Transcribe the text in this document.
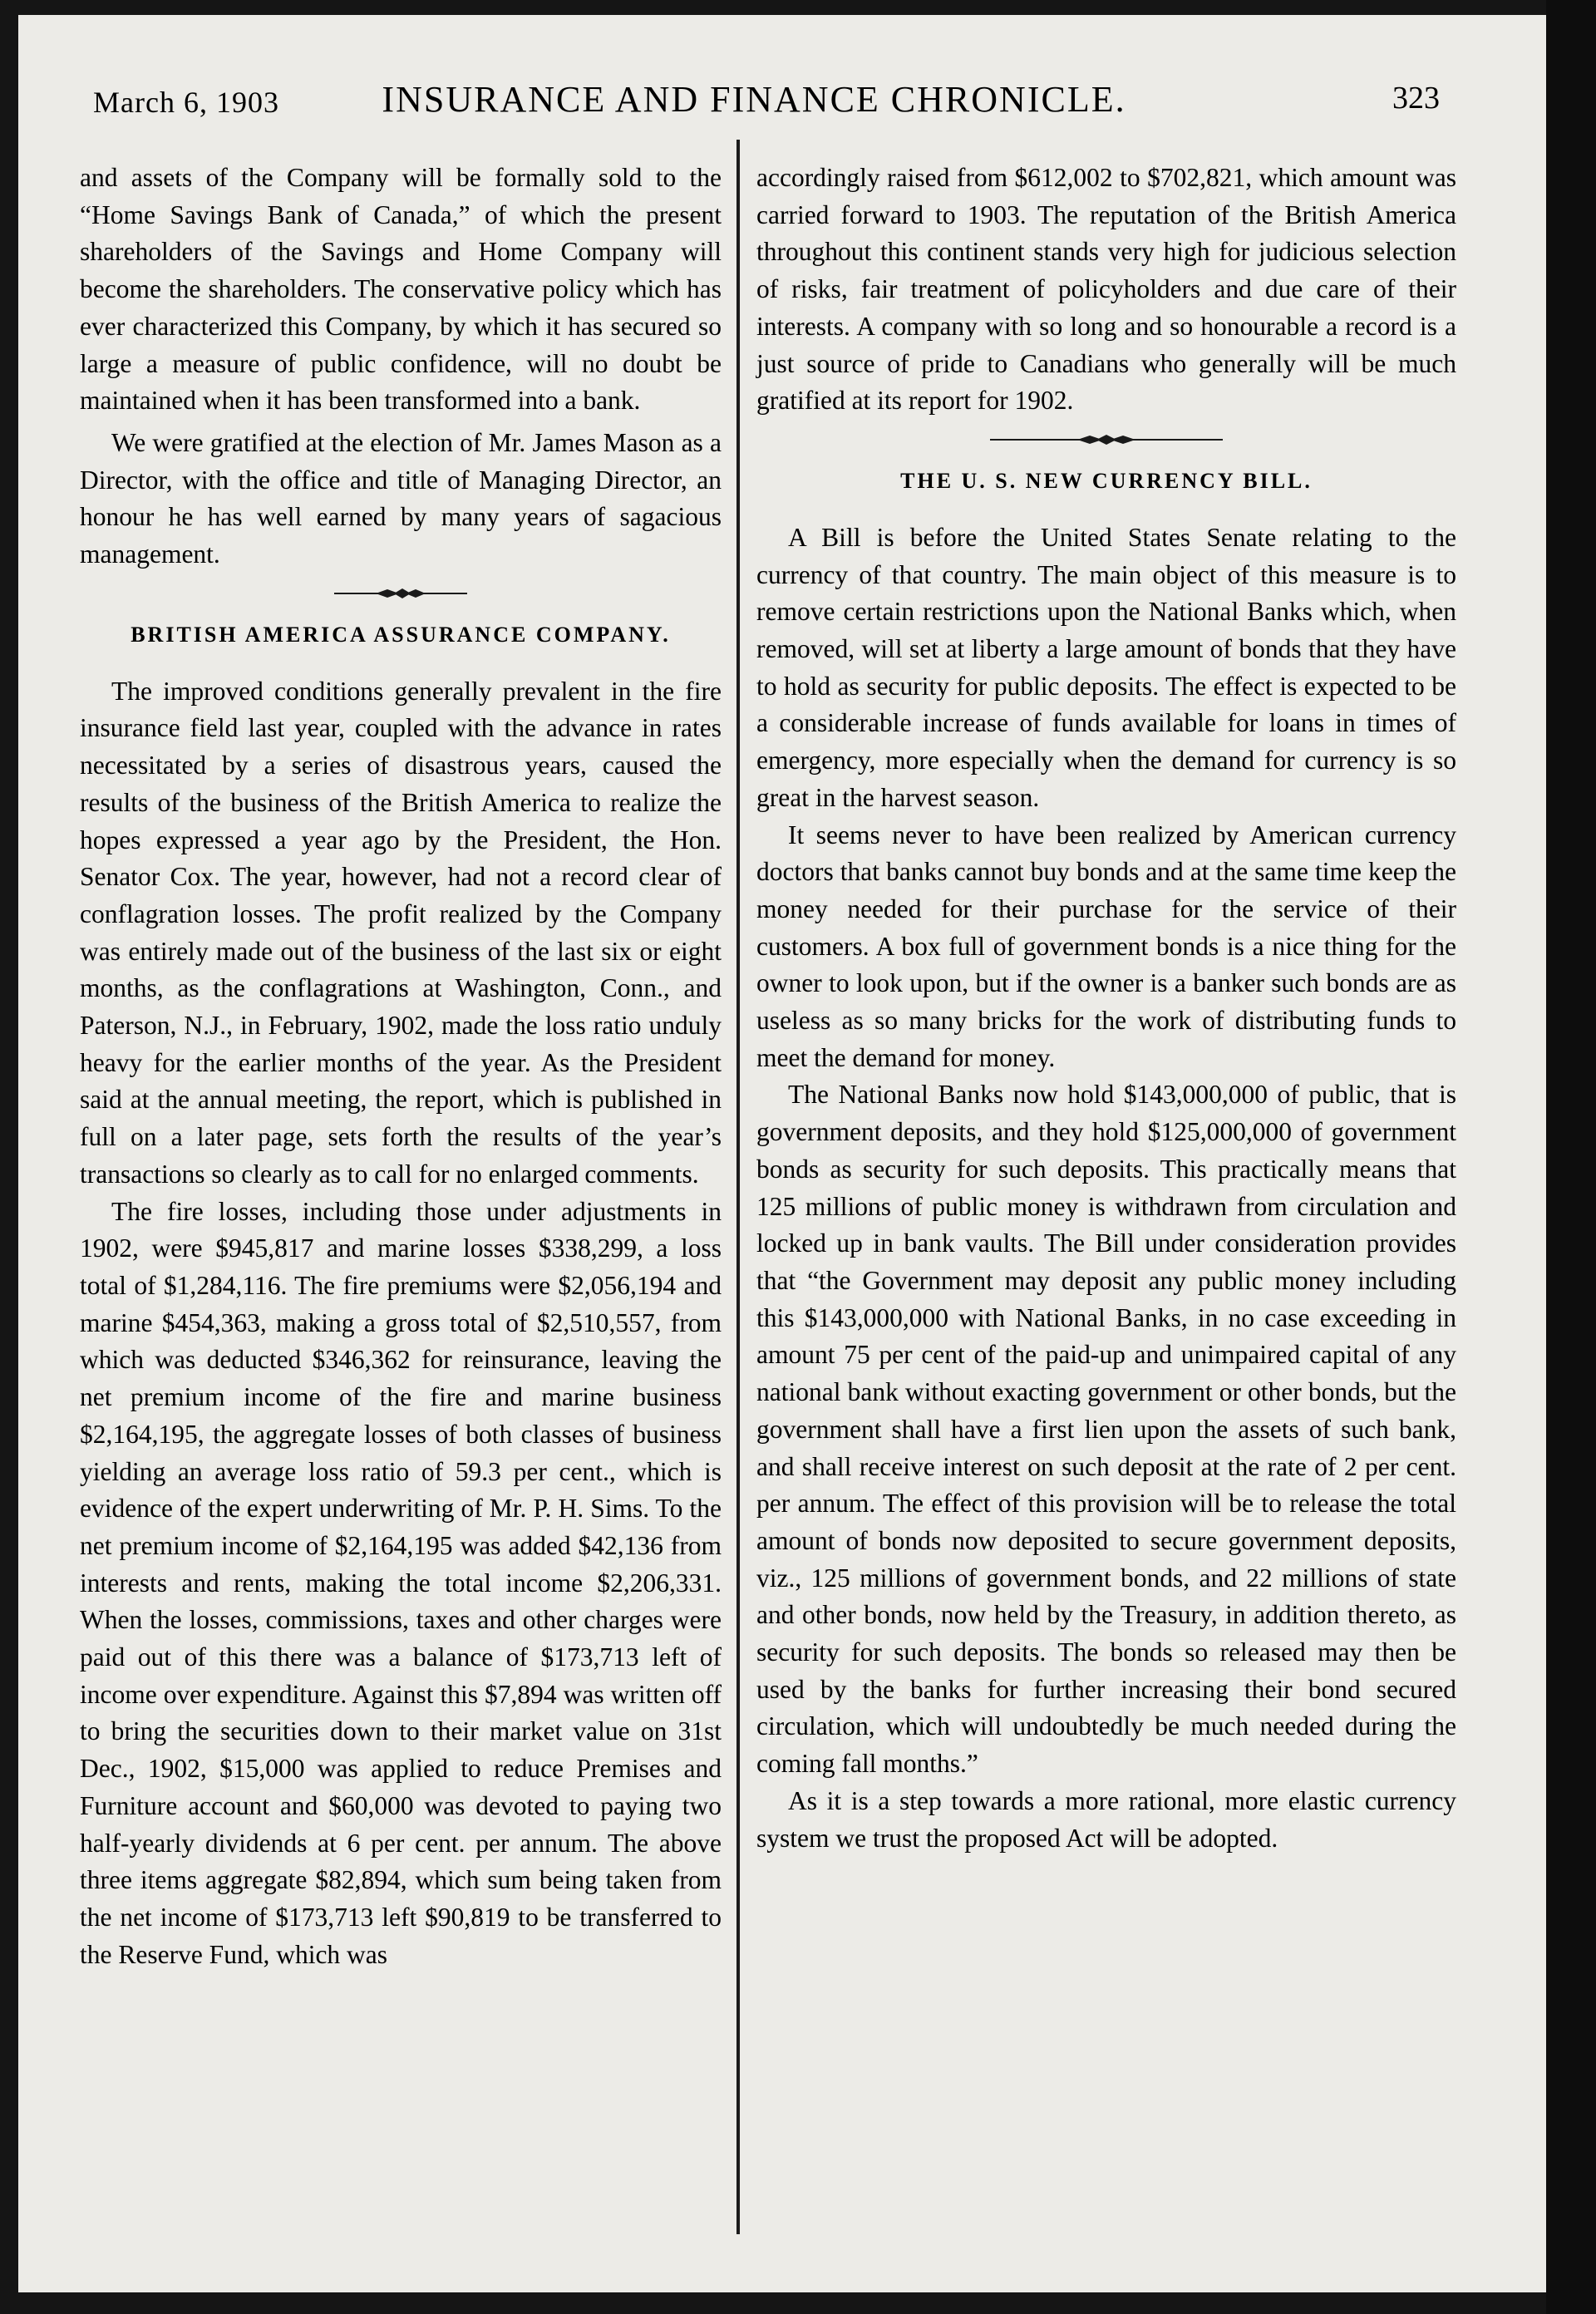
March 6, 1903	INSURANCE AND FINANCE CHRONICLE.	323

and assets of the Company will be formally sold to the “Home Savings Bank of Canada,” of which the present shareholders of the Savings and Home Company will become the shareholders. The conservative policy which has ever characterized this Company, by which it has secured so large a measure of public confidence, will no doubt be maintained when it has been transformed into a bank.

We were gratified at the election of Mr. James Mason as a Director, with the office and title of Managing Director, an honour he has well earned by many years of sagacious management.

BRITISH AMERICA ASSURANCE COMPANY.

The improved conditions generally prevalent in the fire insurance field last year, coupled with the advance in rates necessitated by a series of disastrous years, caused the results of the business of the British America to realize the hopes expressed a year ago by the President, the Hon. Senator Cox. The year, however, had not a record clear of conflagration losses. The profit realized by the Company was entirely made out of the business of the last six or eight months, as the conflagrations at Washington, Conn., and Paterson, N.J., in February, 1902, made the loss ratio unduly heavy for the earlier months of the year. As the President said at the annual meeting, the report, which is published in full on a later page, sets forth the results of the year’s transactions so clearly as to call for no enlarged comments.

The fire losses, including those under adjustments in 1902, were $945,817 and marine losses $338,299, a loss total of $1,284,116. The fire premiums were $2,056,194 and marine $454,363, making a gross total of $2,510,557, from which was deducted $346,362 for reinsurance, leaving the net premium income of the fire and marine business $2,164,195, the aggregate losses of both classes of business yielding an average loss ratio of 59.3 per cent., which is evidence of the expert underwriting of Mr. P. H. Sims. To the net premium income of $2,164,195 was added $42,136 from interests and rents, making the total income $2,206,331. When the losses, commissions, taxes and other charges were paid out of this there was a balance of $173,713 left of income over expenditure. Against this $7,894 was written off to bring the securities down to their market value on 31st Dec., 1902, $15,000 was applied to reduce Premises and Furniture account and $60,000 was devoted to paying two half-yearly dividends at 6 per cent. per annum. The above three items aggregate $82,894, which sum being taken from the net income of $173,713 left $90,819 to be transferred to the Reserve Fund, which was

accordingly raised from $612,002 to $702,821, which amount was carried forward to 1903. The reputation of the British America throughout this continent stands very high for judicious selection of risks, fair treatment of policyholders and due care of their interests. A company with so long and so honourable a record is a just source of pride to Canadians who generally will be much gratified at its report for 1902.

THE U. S. NEW CURRENCY BILL.

A Bill is before the United States Senate relating to the currency of that country. The main object of this measure is to remove certain restrictions upon the National Banks which, when removed, will set at liberty a large amount of bonds that they have to hold as security for public deposits. The effect is expected to be a considerable increase of funds available for loans in times of emergency, more especially when the demand for currency is so great in the harvest season.

It seems never to have been realized by American currency doctors that banks cannot buy bonds and at the same time keep the money needed for their purchase for the service of their customers. A box full of government bonds is a nice thing for the owner to look upon, but if the owner is a banker such bonds are as useless as so many bricks for the work of distributing funds to meet the demand for money.

The National Banks now hold $143,000,000 of public, that is government deposits, and they hold $125,000,000 of government bonds as security for such deposits. This practically means that 125 millions of public money is withdrawn from circulation and locked up in bank vaults. The Bill under consideration provides that “the Government may deposit any public money including this $143,000,000 with National Banks, in no case exceeding in amount 75 per cent of the paid-up and unimpaired capital of any national bank without exacting government or other bonds, but the government shall have a first lien upon the assets of such bank, and shall receive interest on such deposit at the rate of 2 per cent. per annum. The effect of this provision will be to release the total amount of bonds now deposited to secure government deposits, viz., 125 millions of government bonds, and 22 millions of state and other bonds, now held by the Treasury, in addition thereto, as security for such deposits. The bonds so released may then be used by the banks for further increasing their bond secured circulation, which will undoubtedly be much needed during the coming fall months.”

As it is a step towards a more rational, more elastic currency system we trust the proposed Act will be adopted.
